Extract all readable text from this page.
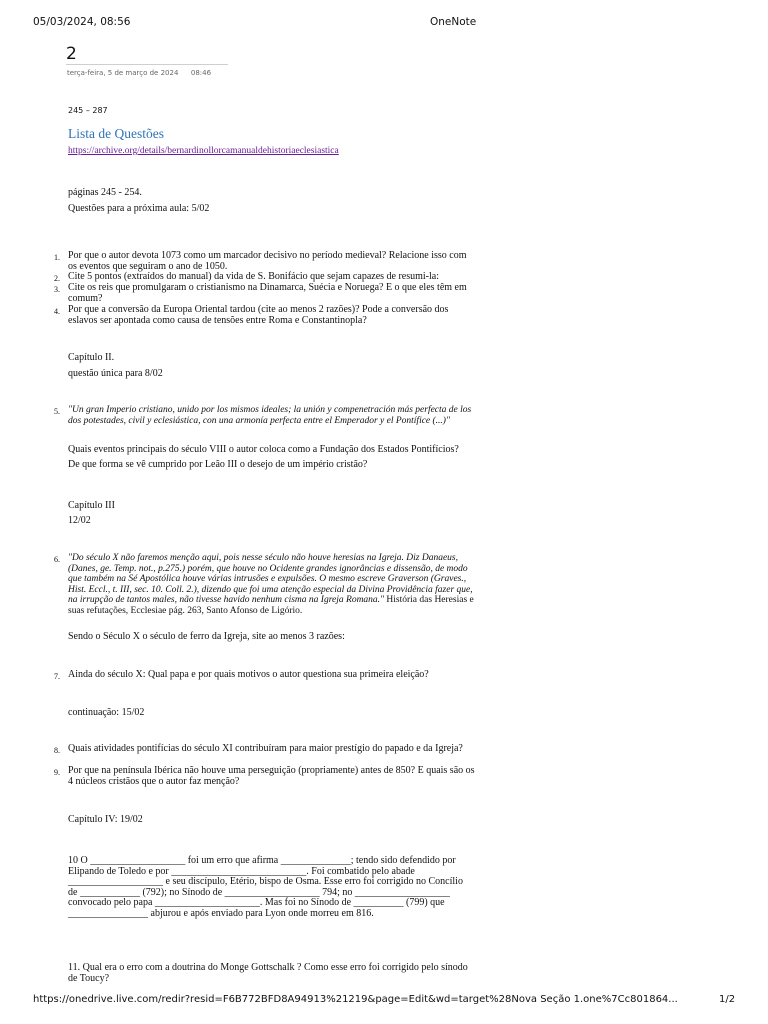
05/03/2024, 08:56	OneNote
2
terça-feira, 5 de março de 2024 08:46
245 – 287
Lista de Questões
https://archive.org/details/bernardinollorcamanualdehistoriaeclesiastica
páginas 245 - 254.
Questões para a próxima aula: 5/02
1. Por que o autor devota 1073 como um marcador decisivo no período medieval? Relacione isso com os eventos que seguiram o ano de 1050.
2. Cite 5 pontos (extraídos do manual) da vida de S. Bonifácio que sejam capazes de resumi-la:
3. Cite os reis que promulgaram o cristianismo na Dinamarca, Suécia e Noruega? E o que eles têm em comum?
4. Por que a conversão da Europa Oriental tardou (cite ao menos 2 razões)? Pode a conversão dos eslavos ser apontada como causa de tensões entre Roma e Constantinopla?
Capítulo II.
questão única para 8/02
5. "Un gran Imperio cristiano, unido por los mismos ideales; la unión y compenetración más perfecta de los dos potestades, civil y eclesiástica, con una armonía perfecta entre el Emperador y el Pontífice (...)"
Quais eventos principais do século VIII o autor coloca como a Fundação dos Estados Pontifícios?
De que forma se vê cumprido por Leão III o desejo de um império cristão?
Capítulo III
12/02
6. "Do século X não faremos menção aqui, pois nesse século não houve heresias na Igreja. Diz Danaeus, (Danes, ge. Temp. not., p.275.) porém, que houve no Ocidente grandes ignorâncias e dissensão, de modo que também na Sé Apostólica houve várias intrusões e expulsões. O mesmo escreve Graverson (Graves., Hist. Eccl., t. III, sec. 10. Coll. 2.), dizendo que foi uma atenção especial da Divina Providência fazer que, na irrupção de tantos males, não tivesse havido nenhum cisma na Igreja Romana." História das Heresias e suas refutações, Ecclesiae pág. 263, Santo Afonso de Ligório.
Sendo o Século X o século de ferro da Igreja, site ao menos 3 razões:
7. Ainda do século X: Qual papa e por quais motivos o autor questiona sua primeira eleição?
continuação: 15/02
8. Quais atividades pontifícias do século XI contribuíram para maior prestígio do papado e da Igreja?
9. Por que na península Ibérica não houve uma perseguição (propriamente) antes de 850? E quais são os 4 núcleos cristãos que o autor faz menção?
Capítulo IV: 19/02
10 O ___________________ foi um erro que afirma ______________; tendo sido defendido por Elipando de Toledo e por ___________________________. Foi combatido pelo abade ___________________ e seu discípulo, Etério, bispo de Osma. Esse erro foi corrigido no Concílio de ____________ (792); no Sínodo de ___________________ 794; no ___________________ convocado pelo papa _____________________. Mas foi no Sínodo de __________ (799) que ________________ abjurou e após enviado para Lyon onde morreu em 816.
11. Qual era o erro com a doutrina do Monge Gottschalk ? Como esse erro foi corrigido pelo sínodo de Toucy?
https://onedrive.live.com/redir?resid=F6B772BFD8A94913%21219&page=Edit&wd=target%28Nova Seção 1.one%7Cc801864...	1/2
